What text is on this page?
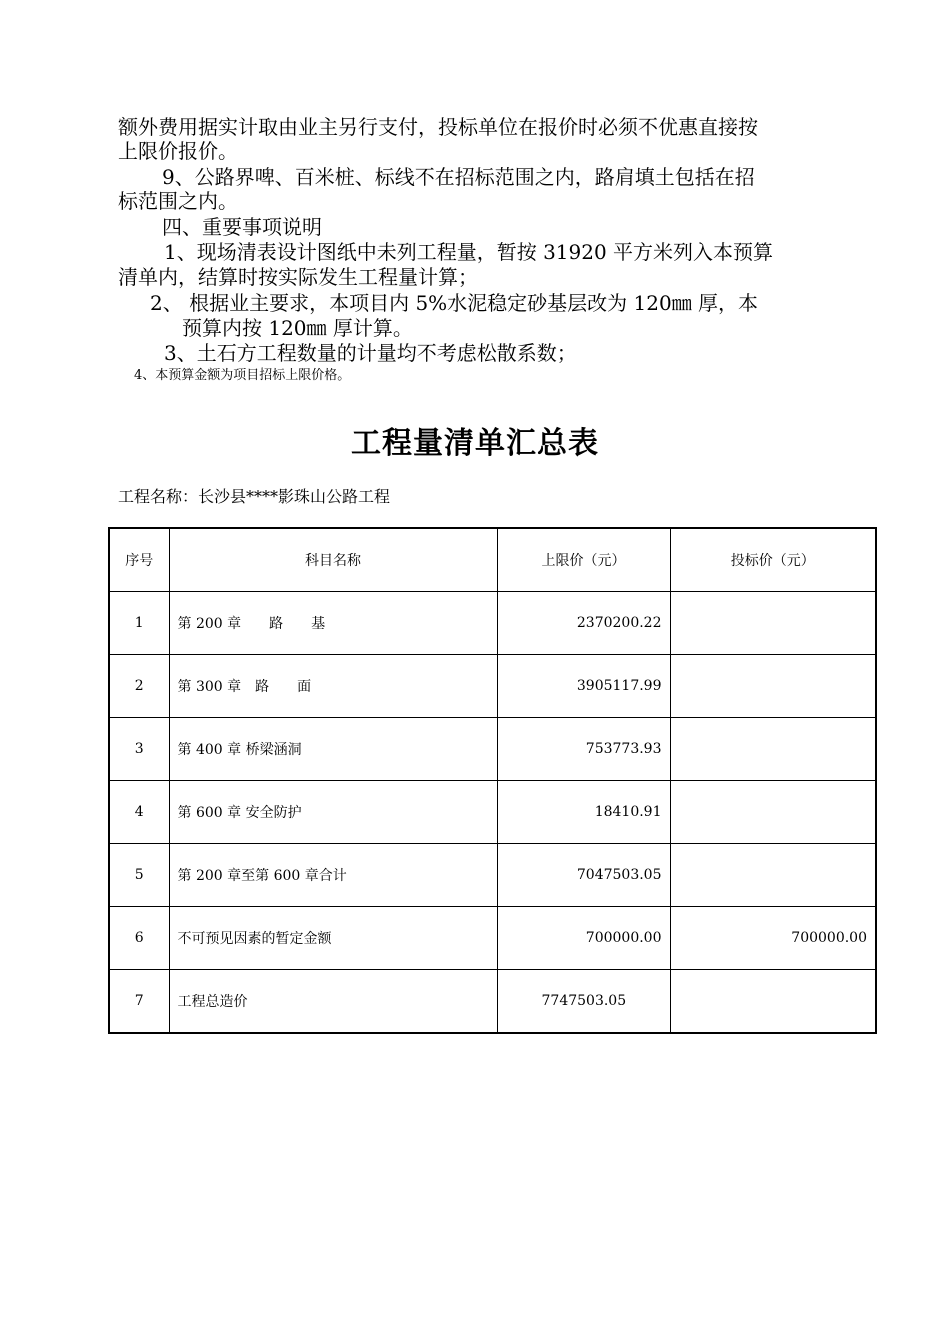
额外费用据实计取由业主另行支付，投标单位在报价时必须不优惠直接按
上限价报价。
9、公路界啤、百米桩、标线不在招标范围之内，路肩填土包括在招
标范围之内。
四、重要事项说明
1、现场清表设计图纸中未列工程量，暂按 31920 平方米列入本预算
清单内，结算时按实际发生工程量计算；
2、 根据业主要求，本项目内 5%水泥稳定砂基层改为 120㎜ 厚，本
预算内按 120㎜ 厚计算。
3、土石方工程数量的计量均不考虑松散系数；
4、本预算金额为项目招标上限价格。
工程量清单汇总表
工程名称：长沙县****影珠山公路工程
序号	科目名称	上限价（元）	投标价（元）
1	第 200 章　　路　　基	2370200.22	
2	第 300 章　路　　面	3905117.99	
3	第 400 章 桥梁涵洞	753773.93	
4	第 600 章 安全防护	18410.91	
5	第 200 章至第 600 章合计	7047503.05	
6	不可预见因素的暂定金额	700000.00	700000.00
7	工程总造价	7747503.05	
